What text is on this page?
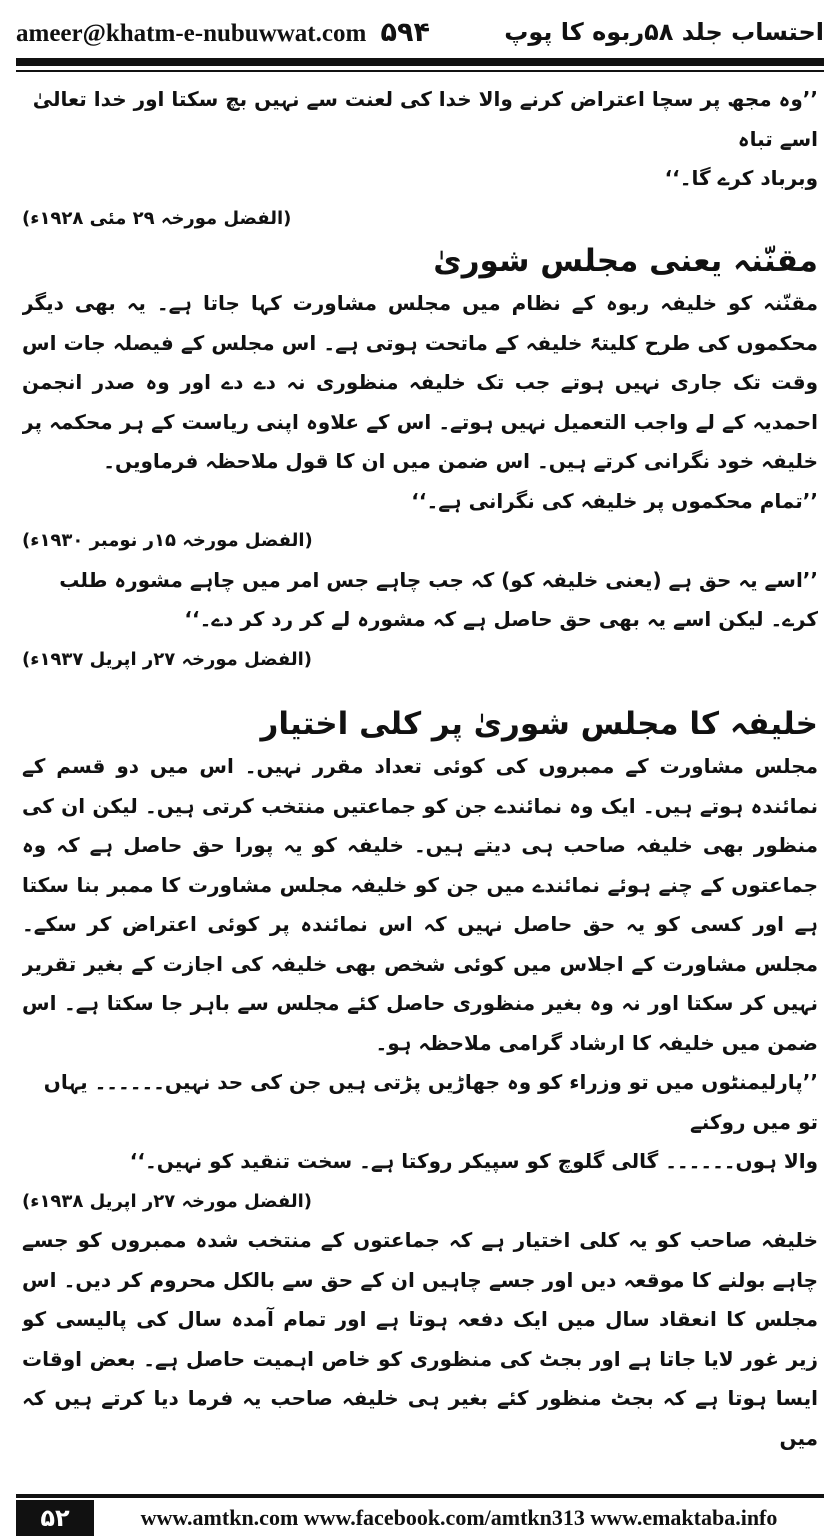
ameer@khatm-e-nubuwwat.com ۵۹۴	احتساب جلد ۵۸ربوه کا پوپ

’’وہ مجھ پر سچا اعتراض کرنے والا خدا کی لعنت سے نہیں بچ سکتا اور خدا تعالیٰ اسے تباہ

وبرباد کرے گا۔‘‘

(الفضل مورخہ ۲۹ مئی ۱۹۲۸ء)

مقنّنہ یعنی مجلس شوریٰ

مقنّنہ کو خلیفہ ربوہ کے نظام میں مجلس مشاورت کہا جاتا ہے۔ یہ بھی دیگر محکموں کی طرح کلیتہً خلیفہ کے ماتحت ہوتی ہے۔ اس مجلس کے فیصلہ جات اس وقت تک جاری نہیں ہوتے جب تک خلیفہ منظوری نہ دے دے اور وہ صدر انجمن احمدیہ کے لے واجب التعمیل نہیں ہوتے۔ اس کے علاوہ اپنی ریاست کے ہر محکمہ پر خلیفہ خود نگرانی کرتے ہیں۔ اس ضمن میں ان کا قول ملاحظہ فرماویں۔

’’تمام محکموں پر خلیفہ کی نگرانی ہے۔‘‘

(الفضل مورخہ ۱۵ر نومبر ۱۹۳۰ء)

’’اسے یہ حق ہے (یعنی خلیفہ کو) کہ جب چاہے جس امر میں چاہے مشورہ طلب کرے۔ لیکن اسے یہ بھی حق حاصل ہے کہ مشورہ لے کر رد کر دے۔‘‘

(الفضل مورخہ ۲۷ر اپریل ۱۹۳۷ء)

خلیفہ کا مجلس شوریٰ پر کلی اختیار

مجلس مشاورت کے ممبروں کی کوئی تعداد مقرر نہیں۔ اس میں دو قسم کے نمائندہ ہوتے ہیں۔ ایک وہ نمائندے جن کو جماعتیں منتخب کرتی ہیں۔ لیکن ان کی منظور بھی خلیفہ صاحب ہی دیتے ہیں۔ خلیفہ کو یہ پورا حق حاصل ہے کہ وہ جماعتوں کے چنے ہوئے نمائندے میں جن کو خلیفہ مجلس مشاورت کا ممبر بنا سکتا ہے اور کسی کو یہ حق حاصل نہیں کہ اس نمائندہ پر کوئی اعتراض کر سکے۔ مجلس مشاورت کے اجلاس میں کوئی شخص بھی خلیفہ کی اجازت کے بغیر تقریر نہیں کر سکتا اور نہ وہ بغیر منظوری حاصل کئے مجلس سے باہر جا سکتا ہے۔ اس ضمن میں خلیفہ کا ارشاد گرامی ملاحظہ ہو۔

’’پارلیمنٹوں میں تو وزراء کو وہ جھاڑیں پڑتی ہیں جن کی حد نہیں۔۔۔۔۔۔ یہاں تو میں روکنے

والا ہوں۔۔۔۔۔۔ گالی گلوچ کو سپیکر روکتا ہے۔ سخت تنقید کو نہیں۔‘‘

(الفضل مورخہ ۲۷ر اپریل ۱۹۳۸ء)

خلیفہ صاحب کو یہ کلی اختیار ہے کہ جماعتوں کے منتخب شدہ ممبروں کو جسے چاہے بولنے کا موقعہ دیں اور جسے چاہیں ان کے حق سے بالکل محروم کر دیں۔ اس مجلس کا انعقاد سال میں ایک دفعہ ہوتا ہے اور تمام آمدہ سال کی پالیسی کو زیر غور لایا جاتا ہے اور بجٹ کی منظوری کو خاص اہمیت حاصل ہے۔ بعض اوقات ایسا ہوتا ہے کہ بجٹ منظور کئے بغیر ہی خلیفہ صاحب یہ فرما دیا کرتے ہیں کہ میں

۵۲	www.amtkn.com www.facebook.com/amtkn313 www.emaktaba.info
